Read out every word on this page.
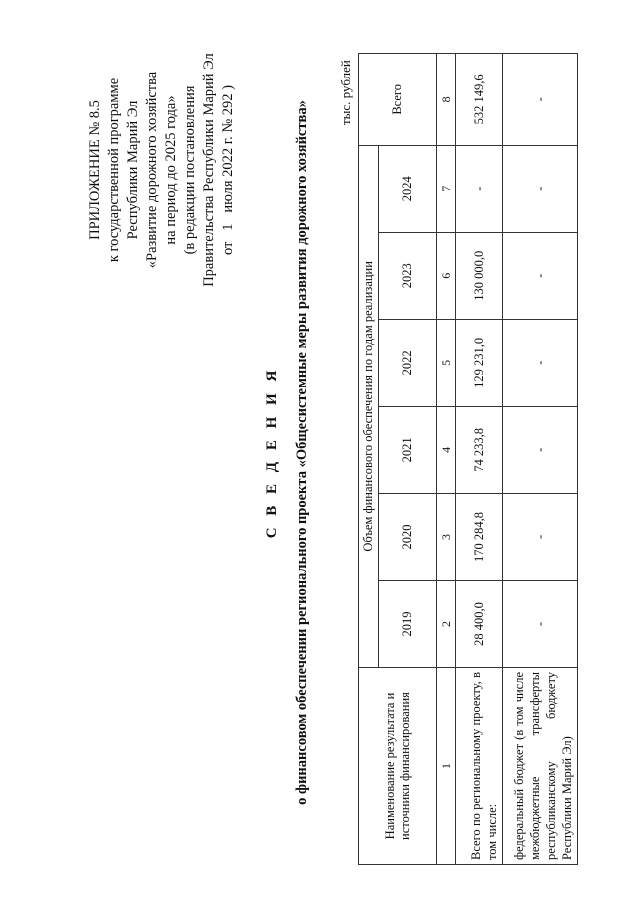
ПРИЛОЖЕНИЕ № 8.5 к государственной программе Республики Марий Эл «Развитие дорожного хозяйства на период до 2025 года» (в редакции постановления Правительства Республики Марий Эл от   1   июля 2022 г. № 292 )
С В Е Д Е Н И Я о финансовом обеспечении регионального проекта «Общесистемные меры развития дорожного хозяйства»
тыс. рублей
Наименование результата и источники финансирования	Объем финансового обеспечения по годам реализации						Всего
	2019	2020	2021	2022	2023	2024	
1	2	3	4	5	6	7	8
Всего по региональному проекту, в том числе:	28 400,0	170 284,8	74 233,8	129 231,0	130 000,0	-	532 149,6
федеральный бюджет (в том числе межбюджетные трансферты республиканскому бюджету Республики Марий Эл)	-	-	-	-	-	-	-
